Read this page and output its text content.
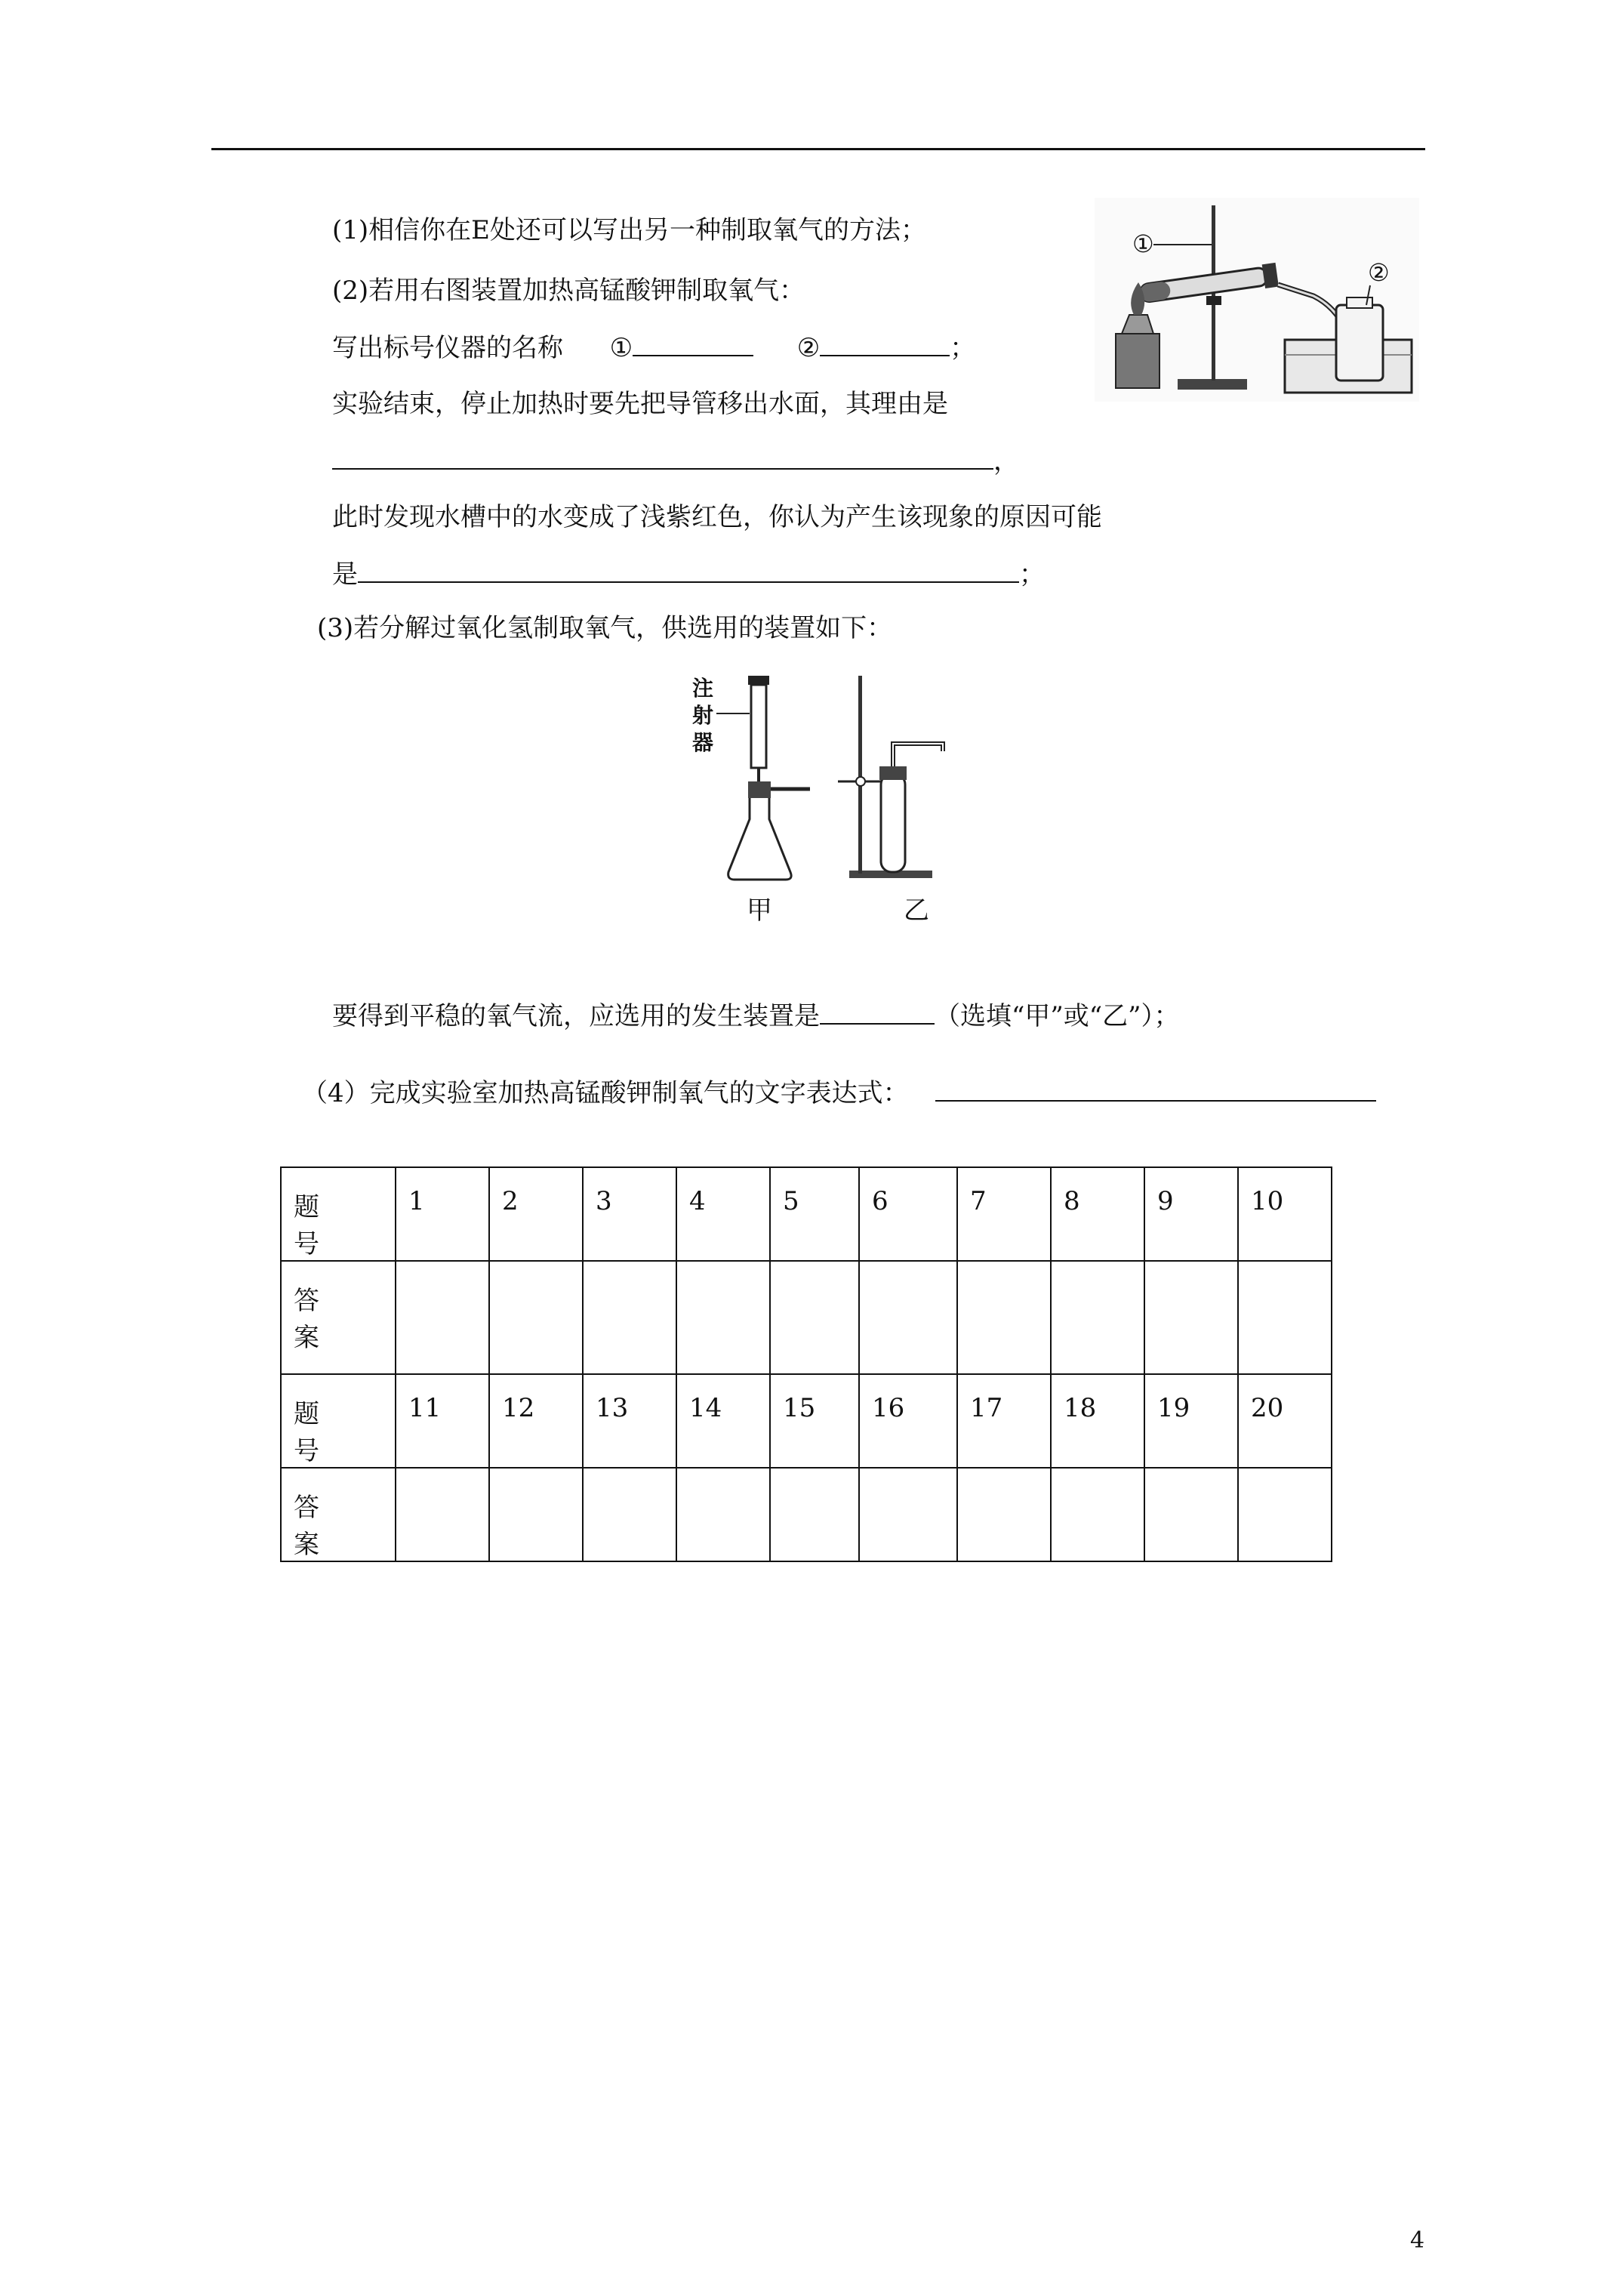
(1)相信你在E处还可以写出另一种制取氧气的方法；
(2)若用右图装置加热高锰酸钾制取氧气：
写出标号仪器的名称 ①	②	；
实验结束，停止加热时要先把导管移出水面，其理由是
，
此时发现水槽中的水变成了浅紫红色，你认为产生该现象的原因可能
是	；
①
②
(3)若分解过氧化氢制取氧气，供选用的装置如下：
注
射
器
甲	乙
要得到平稳的氧气流，应选用的发生装置是	（选填“甲”或“乙”）；
（4）完成实验室加热高锰酸钾制氧气的文字表达式：
题　号	1	2	3	4	5	6	7	8	9	10
答　案										
题　号	11	12	13	14	15	16	17	18	19	20
答　案										
4
